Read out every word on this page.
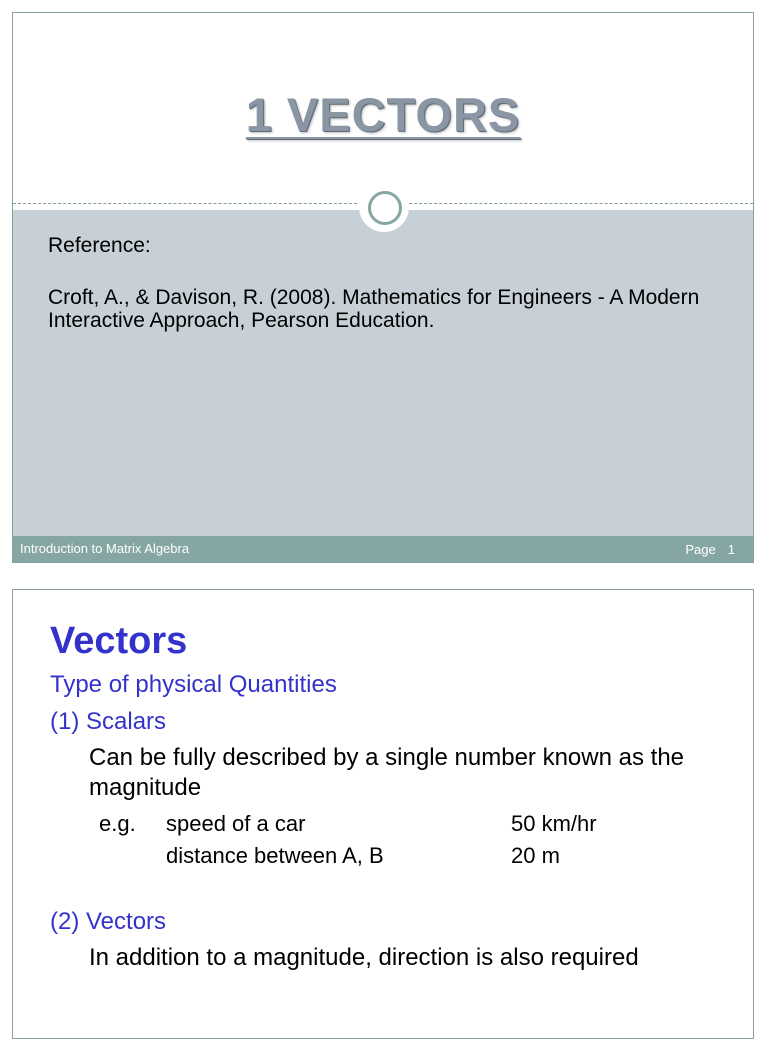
1 VECTORS
Reference:
Croft, A., & Davison, R. (2008). Mathematics for Engineers - A Modern Interactive Approach, Pearson Education.
Introduction to Matrix Algebra	Page 1
Vectors
Type of physical Quantities
(1) Scalars
Can be fully described by a single number known as the magnitude
e.g. speed of a car	50 km/hr
distance between A, B	20 m
(2) Vectors
In addition to a magnitude, direction is also required
